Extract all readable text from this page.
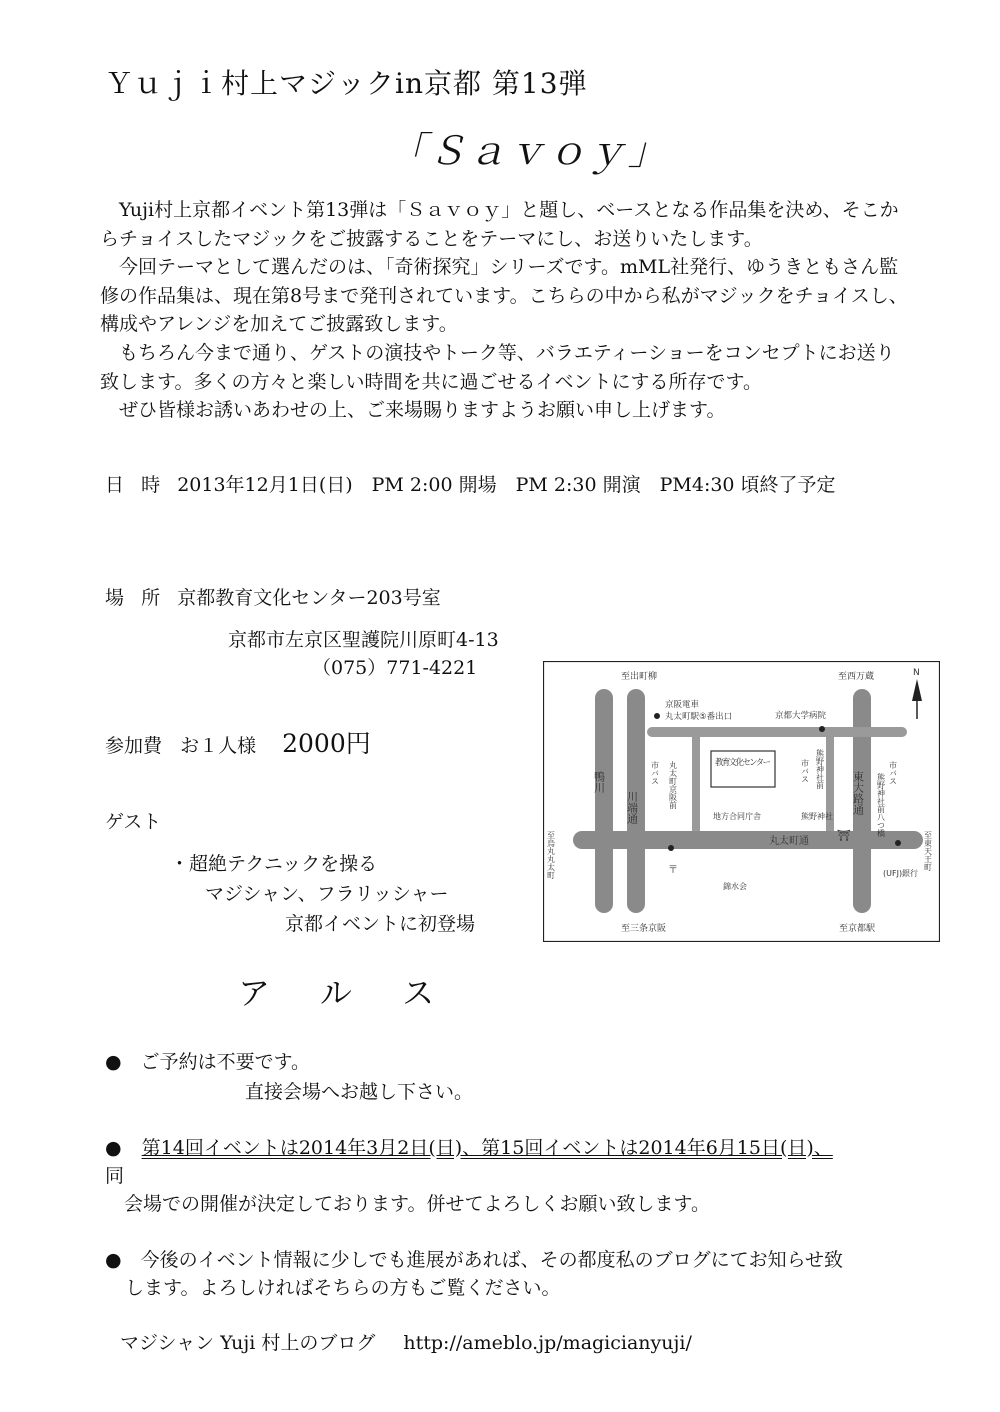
Ｙｕｊｉ村上マジックin京都 第13弾
「Ｓａｖｏｙ」

Yuji村上京都イベント第13弾は「Ｓａｖｏｙ」と題し、ベースとなる作品集を決め、そこからチョイスしたマジックをご披露することをテーマにし、お送りいたします。

今回テーマとして選んだのは、「奇術探究」シリーズです。mML社発行、ゆうきともさん監修の作品集は、現在第8号まで発刊されています。こちらの中から私がマジックをチョイスし、構成やアレンジを加えてご披露致します。

もちろん今まで通り、ゲストの演技やトーク等、バラエティーショーをコンセプトにお送り致します。多くの方々と楽しい時間を共に過ごせるイベントにする所存です。

ぜひ皆様お誘いあわせの上、ご来場賜りますようお願い申し上げます。

日時2013年12月1日(日)　PM 2:00 開場　PM 2:30 開演　PM4:30 頃終了予定
場所京都教育文化センター203号室
京都市左京区聖護院川原町4-13
（075）771-4221
参加費 お１人様 2000円
ゲスト
・超絶テクニックを操る
マジシャン、フラリッシャー
京都イベントに初登場
アルス
●　ご予約は不要です。
直接会場へお越し下さい。
● 第14回イベントは2014年3月2日(日)、第15回イベントは2014年6月15日(日)、
同
会場での開催が決定しております。併せてよろしくお願い致します。
●　今後のイベント情報に少しでも進展があれば、その都度私のブログにてお知らせ致
します。よろしければそちらの方もご覧ください。
マジシャン Yuji 村上のブログ http://ameblo.jp/magicianyuji/
N
至出町柳	至西万蔵
京阪電車
丸太町駅⑤番出口	京都大学病院
鴨川
川端通
市バス 丸太町京阪前	教育文化センター	熊野神社前
市バス	東大路通	市バス
熊野神社前八つ橋
地方合同庁舎	熊野神社
丸太町通
至烏丸丸太町	至東天王町
(UFJ)銀行
〒
錦水会
至三条京阪	至京都駅
⛩
